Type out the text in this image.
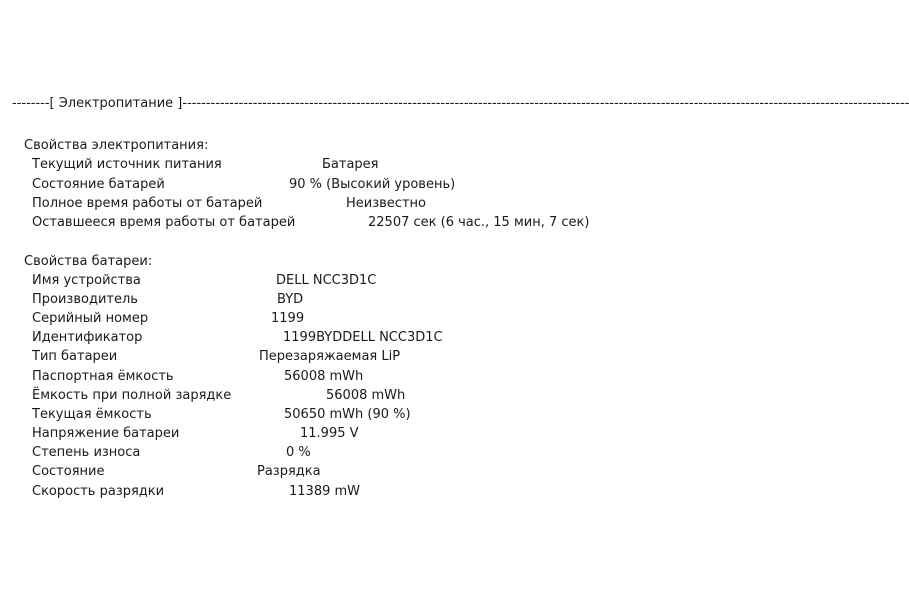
--------[ Электропитание ]-----------------------------------------------------------------------------------------------------------------------------------------------------------
Свойства электропитания:
Текущий источник питания	Батарея
Состояние батарей	90 % (Высокий уровень)
Полное время работы от батарей	Неизвестно
Оставшееся время работы от батарей	22507 сек (6 час., 15 мин, 7 сек)
Свойства батареи:
Имя устройства	DELL NCC3D1C
Производитель	BYD
Серийный номер	1199
Идентификатор	1199BYDDELL NCC3D1C
Тип батареи	Перезаряжаемая LiP
Паспортная ёмкость	56008 mWh
Ёмкость при полной зарядке	56008 mWh
Текущая ёмкость	50650 mWh (90 %)
Напряжение батареи	11.995 V
Степень износа	0 %
Состояние	Разрядка
Скорость разрядки	11389 mW
